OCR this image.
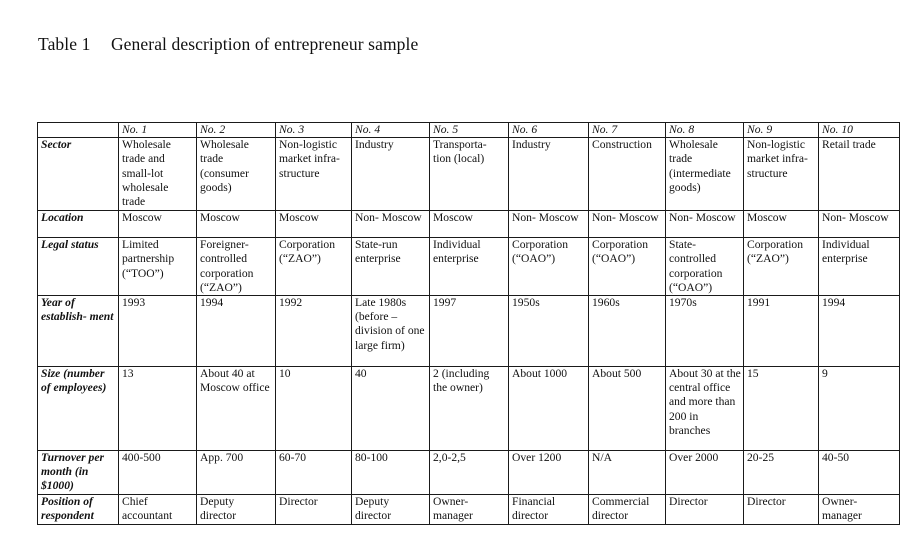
Table 1 General description of entrepreneur sample
	No. 1	No. 2	No. 3	No. 4	No. 5	No. 6	No. 7	No. 8	No. 9	No. 10
Sector	Wholesale trade and small-lot wholesale trade	Wholesale trade (consumer goods)	Non-logistic market infra- structure	Industry	Transporta- tion (local)	Industry	Construction	Wholesale trade (intermediate goods)	Non-logistic market infra- structure	Retail trade
Location	Moscow	Moscow	Moscow	Non- Moscow	Moscow	Non- Moscow	Non- Moscow	Non- Moscow	Moscow	Non- Moscow
Legal status	Limited partnership (“TOO”)	Foreigner- controlled corporation (“ZAO”)	Corporation (“ZAO”)	State-run enterprise	Individual enterprise	Corporation (“OAO”)	Corporation (“OAO”)	State- controlled corporation (“OAO”)	Corporation (“ZAO”)	Individual enterprise
Year of establish- ment	1993	1994	1992	Late 1980s (before – division of one large firm)	1997	1950s	1960s	1970s	1991	1994
Size (number of employees)	13	About 40 at Moscow office	10	40	2 (including the owner)	About 1000	About 500	About 30 at the central office and more than 200 in branches	15	9
Turnover per month (in $1000)	400-500	App. 700	60-70	80-100	2,0-2,5	Over 1200	N/A	Over 2000	20-25	40-50
Position of respondent	Chief accountant	Deputy director	Director	Deputy director	Owner- manager	Financial director	Commercial director	Director	Director	Owner- manager
